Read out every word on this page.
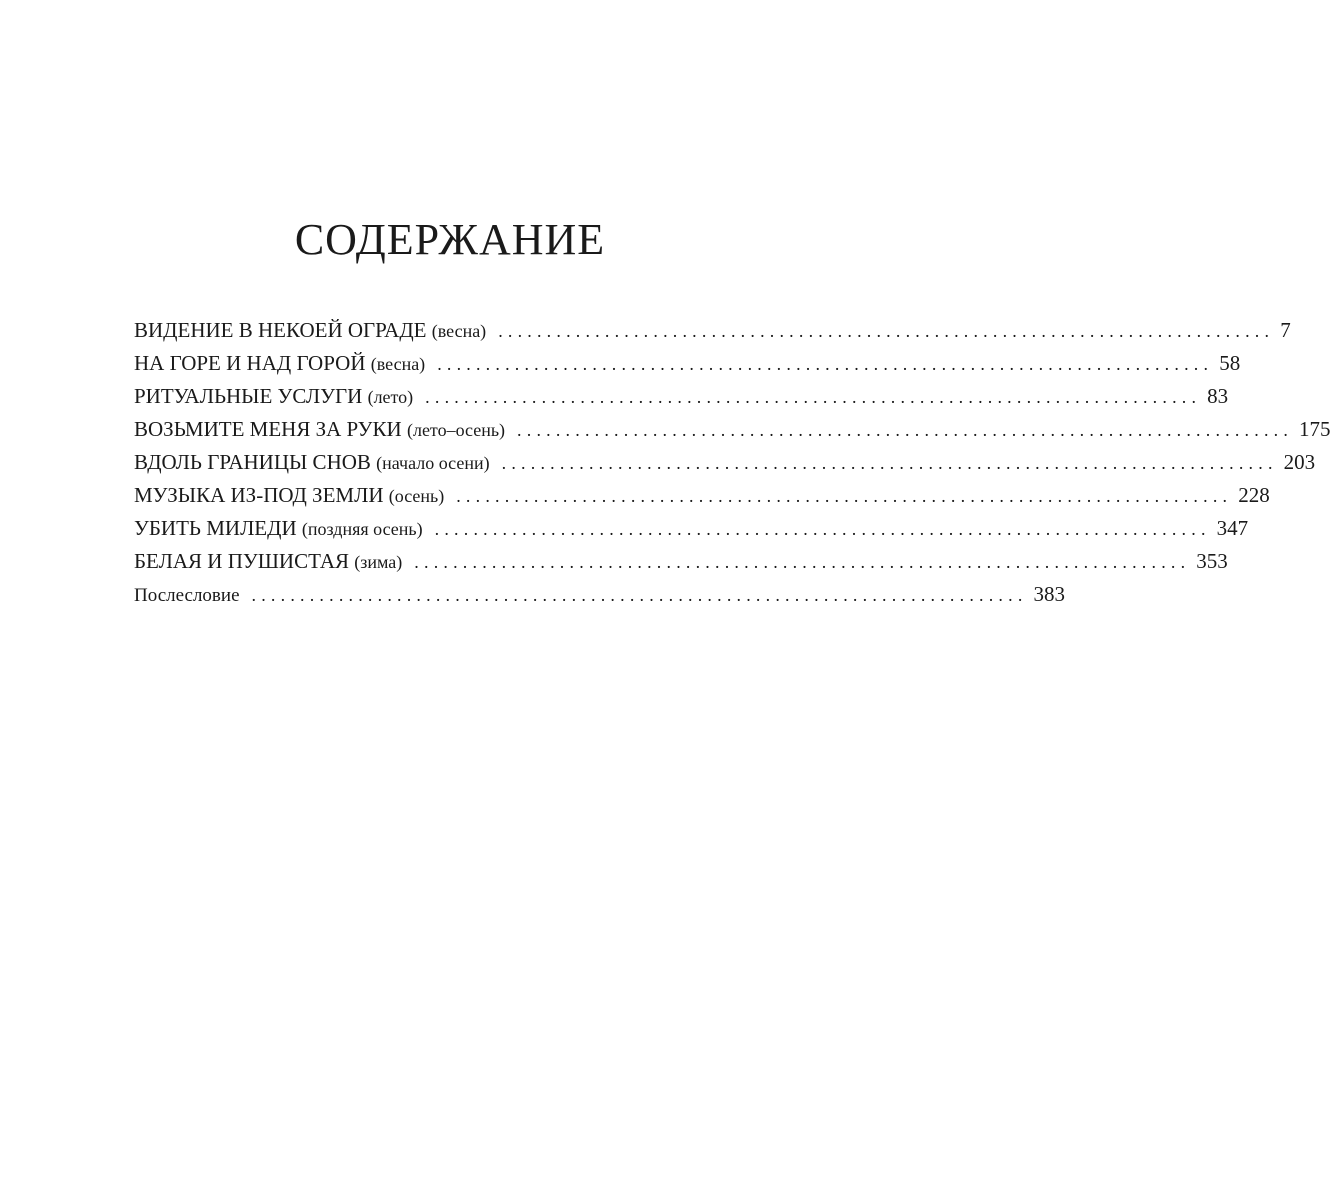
СОДЕРЖАНИЕ
ВИДЕНИЕ В НЕКОЕЙ ОГРАДЕ (весна) ................................................................................ 7
НА ГОРЕ И НАД ГОРОЙ (весна) ................................................................................ 58
РИТУАЛЬНЫЕ УСЛУГИ (лето) ................................................................................ 83
ВОЗЬМИТЕ МЕНЯ ЗА РУКИ (лето–осень) ................................................................................ 175
ВДОЛЬ ГРАНИЦЫ СНОВ (начало осени) ................................................................................ 203
МУЗЫКА ИЗ-ПОД ЗЕМЛИ (осень) ................................................................................ 228
УБИТЬ МИЛЕДИ (поздняя осень) ................................................................................ 347
БЕЛАЯ И ПУШИСТАЯ (зима) ................................................................................ 353
Послесловие ................................................................................ 383
